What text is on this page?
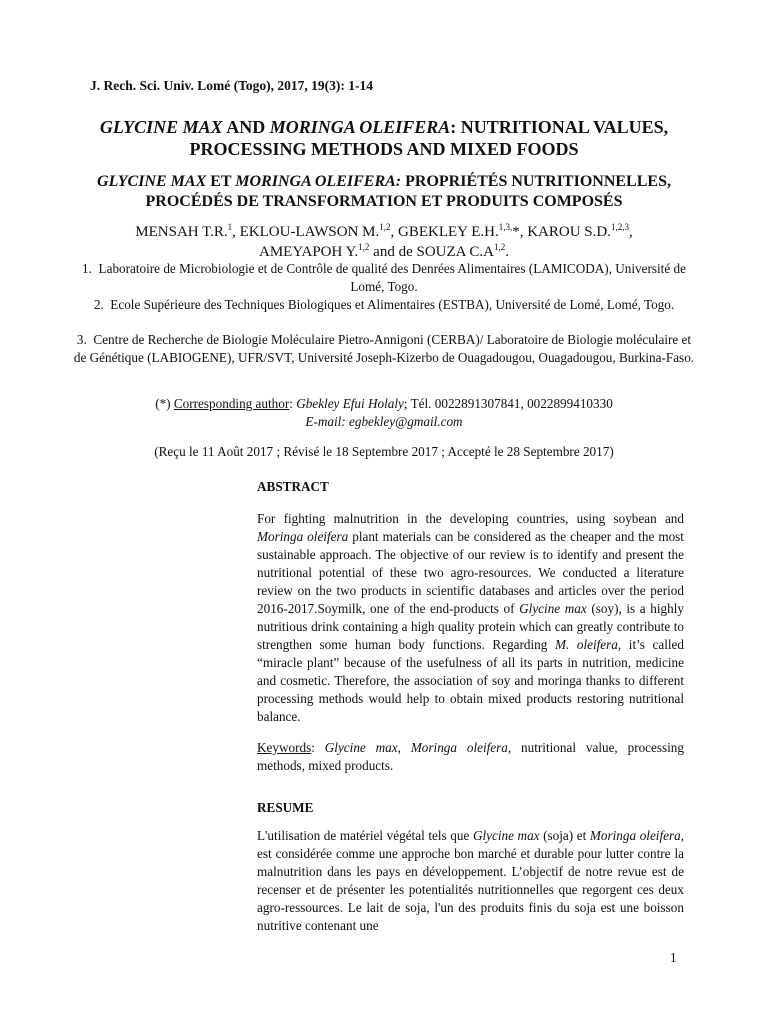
J. Rech. Sci. Univ. Lomé (Togo), 2017, 19(3): 1-14
GLYCINE MAX AND MORINGA OLEIFERA: NUTRITIONAL VALUES, PROCESSING METHODS AND MIXED FOODS
GLYCINE MAX ET MORINGA OLEIFERA: PROPRIÉTÉS NUTRITIONNELLES, PROCÉDÉS DE TRANSFORMATION ET PRODUITS COMPOSÉS
MENSAH T.R.$^1$, EKLOU-LAWSON M.$^{1,2}$, GBEKLEY E.H.$^{1,3,}$*, KAROU S.D.$^{1,2,3}$,
AMEYAPOH Y.$^{1,2}$ and de SOUZA $C.A^{1,2}$.
1.  Laboratoire de Microbiologie et de Contrôle de qualité des Denrées Alimentaires (LAMICODA), Université de Lomé, Togo.
2.  Ecole Supérieure des Techniques Biologiques et Alimentaires (ESTBA), Université de Lomé, Lomé, Togo.
3.  Centre de Recherche de Biologie Moléculaire Pietro-Annigoni (CERBA)/ Laboratoire de Biologie moléculaire et de Génétique (LABIOGENE), UFR/SVT, Université Joseph-Kizerbo de Ouagadougou, Ouagadougou, Burkina-Faso.
(*) Corresponding author: Gbekley Efui Holaly; Tél. 0022891307841, 0022899410330
E-mail: egbekley@gmail.com
(Reçu le 11 Août 2017 ; Révisé le 18 Septembre 2017 ; Accepté le 28 Septembre 2017)
ABSTRACT
For fighting malnutrition in the developing countries, using soybean and Moringa oleifera plant materials can be considered as the cheaper and the most sustainable approach. The objective of our review is to identify and present the nutritional potential of these two agro-resources. We conducted a literature review on the two products in scientific databases and articles over the period 2016-2017.Soymilk, one of the end-products of Glycine max (soy), is a highly nutritious drink containing a high quality protein which can greatly contribute to strengthen some human body functions. Regarding M. oleifera, it’s called “miracle plant” because of the usefulness of all its parts in nutrition, medicine and cosmetic. Therefore, the association of soy and moringa thanks to different processing methods would help to obtain mixed products restoring nutritional balance.
Keywords: Glycine max, Moringa oleifera, nutritional value, processing methods, mixed products.
RESUME
L'utilisation de matériel végétal tels que Glycine max (soja) et Moringa oleifera, est considérée comme une approche bon marché et durable pour lutter contre la malnutrition dans les pays en développement. L’objectif de notre revue est de recenser et de présenter les potentialités nutritionnelles que regorgent ces deux agro-ressources. Le lait de soja, l'un des produits finis du soja est une boisson nutritive contenant une
1
